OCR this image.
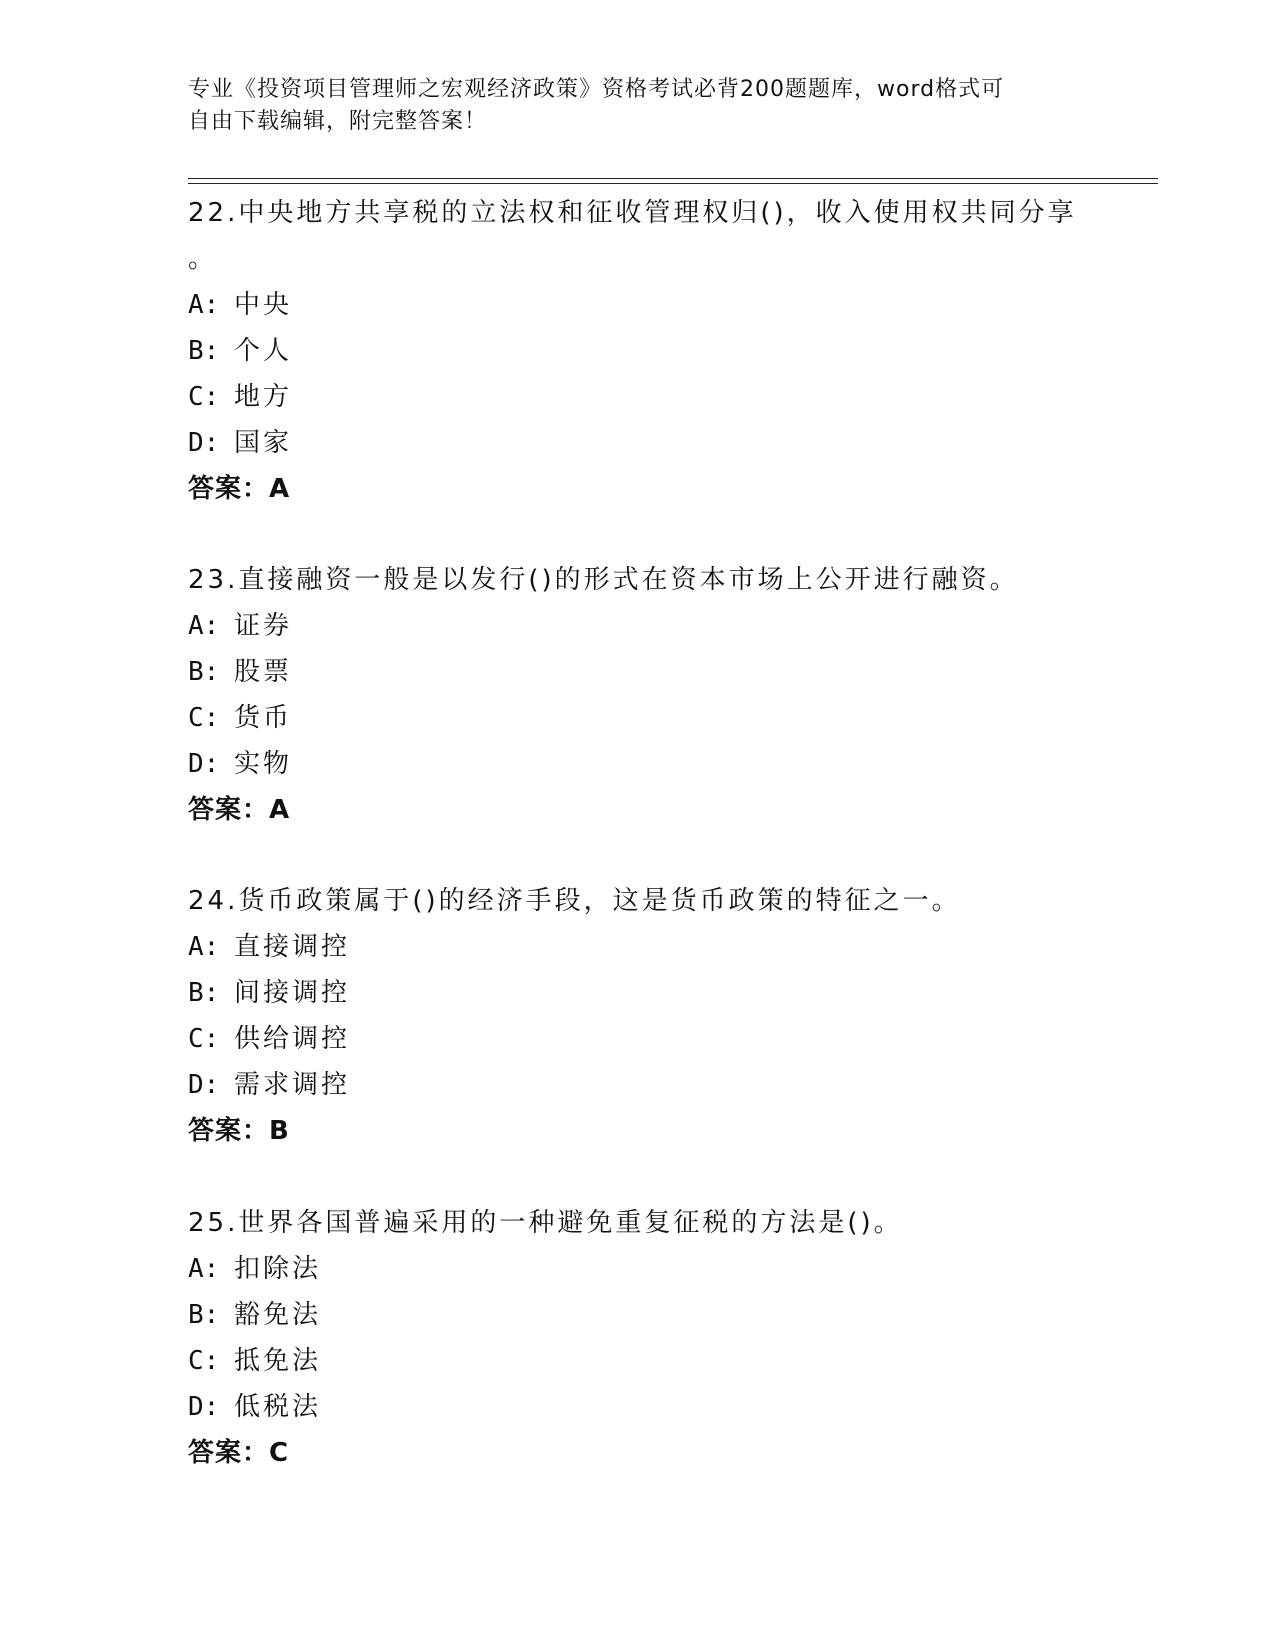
专业《投资项目管理师之宏观经济政策》资格考试必背200题题库，word格式可
自由下载编辑，附完整答案！
22.中央地方共享税的立法权和征收管理权归()，收入使用权共同分享
。
A: 中央
B: 个人
C: 地方
D: 国家
答案：A
23.直接融资一般是以发行()的形式在资本市场上公开进行融资。
A: 证券
B: 股票
C: 货币
D: 实物
答案：A
24.货币政策属于()的经济手段，这是货币政策的特征之一。
A: 直接调控
B: 间接调控
C: 供给调控
D: 需求调控
答案：B
25.世界各国普遍采用的一种避免重复征税的方法是()。
A: 扣除法
B: 豁免法
C: 抵免法
D: 低税法
答案：C
